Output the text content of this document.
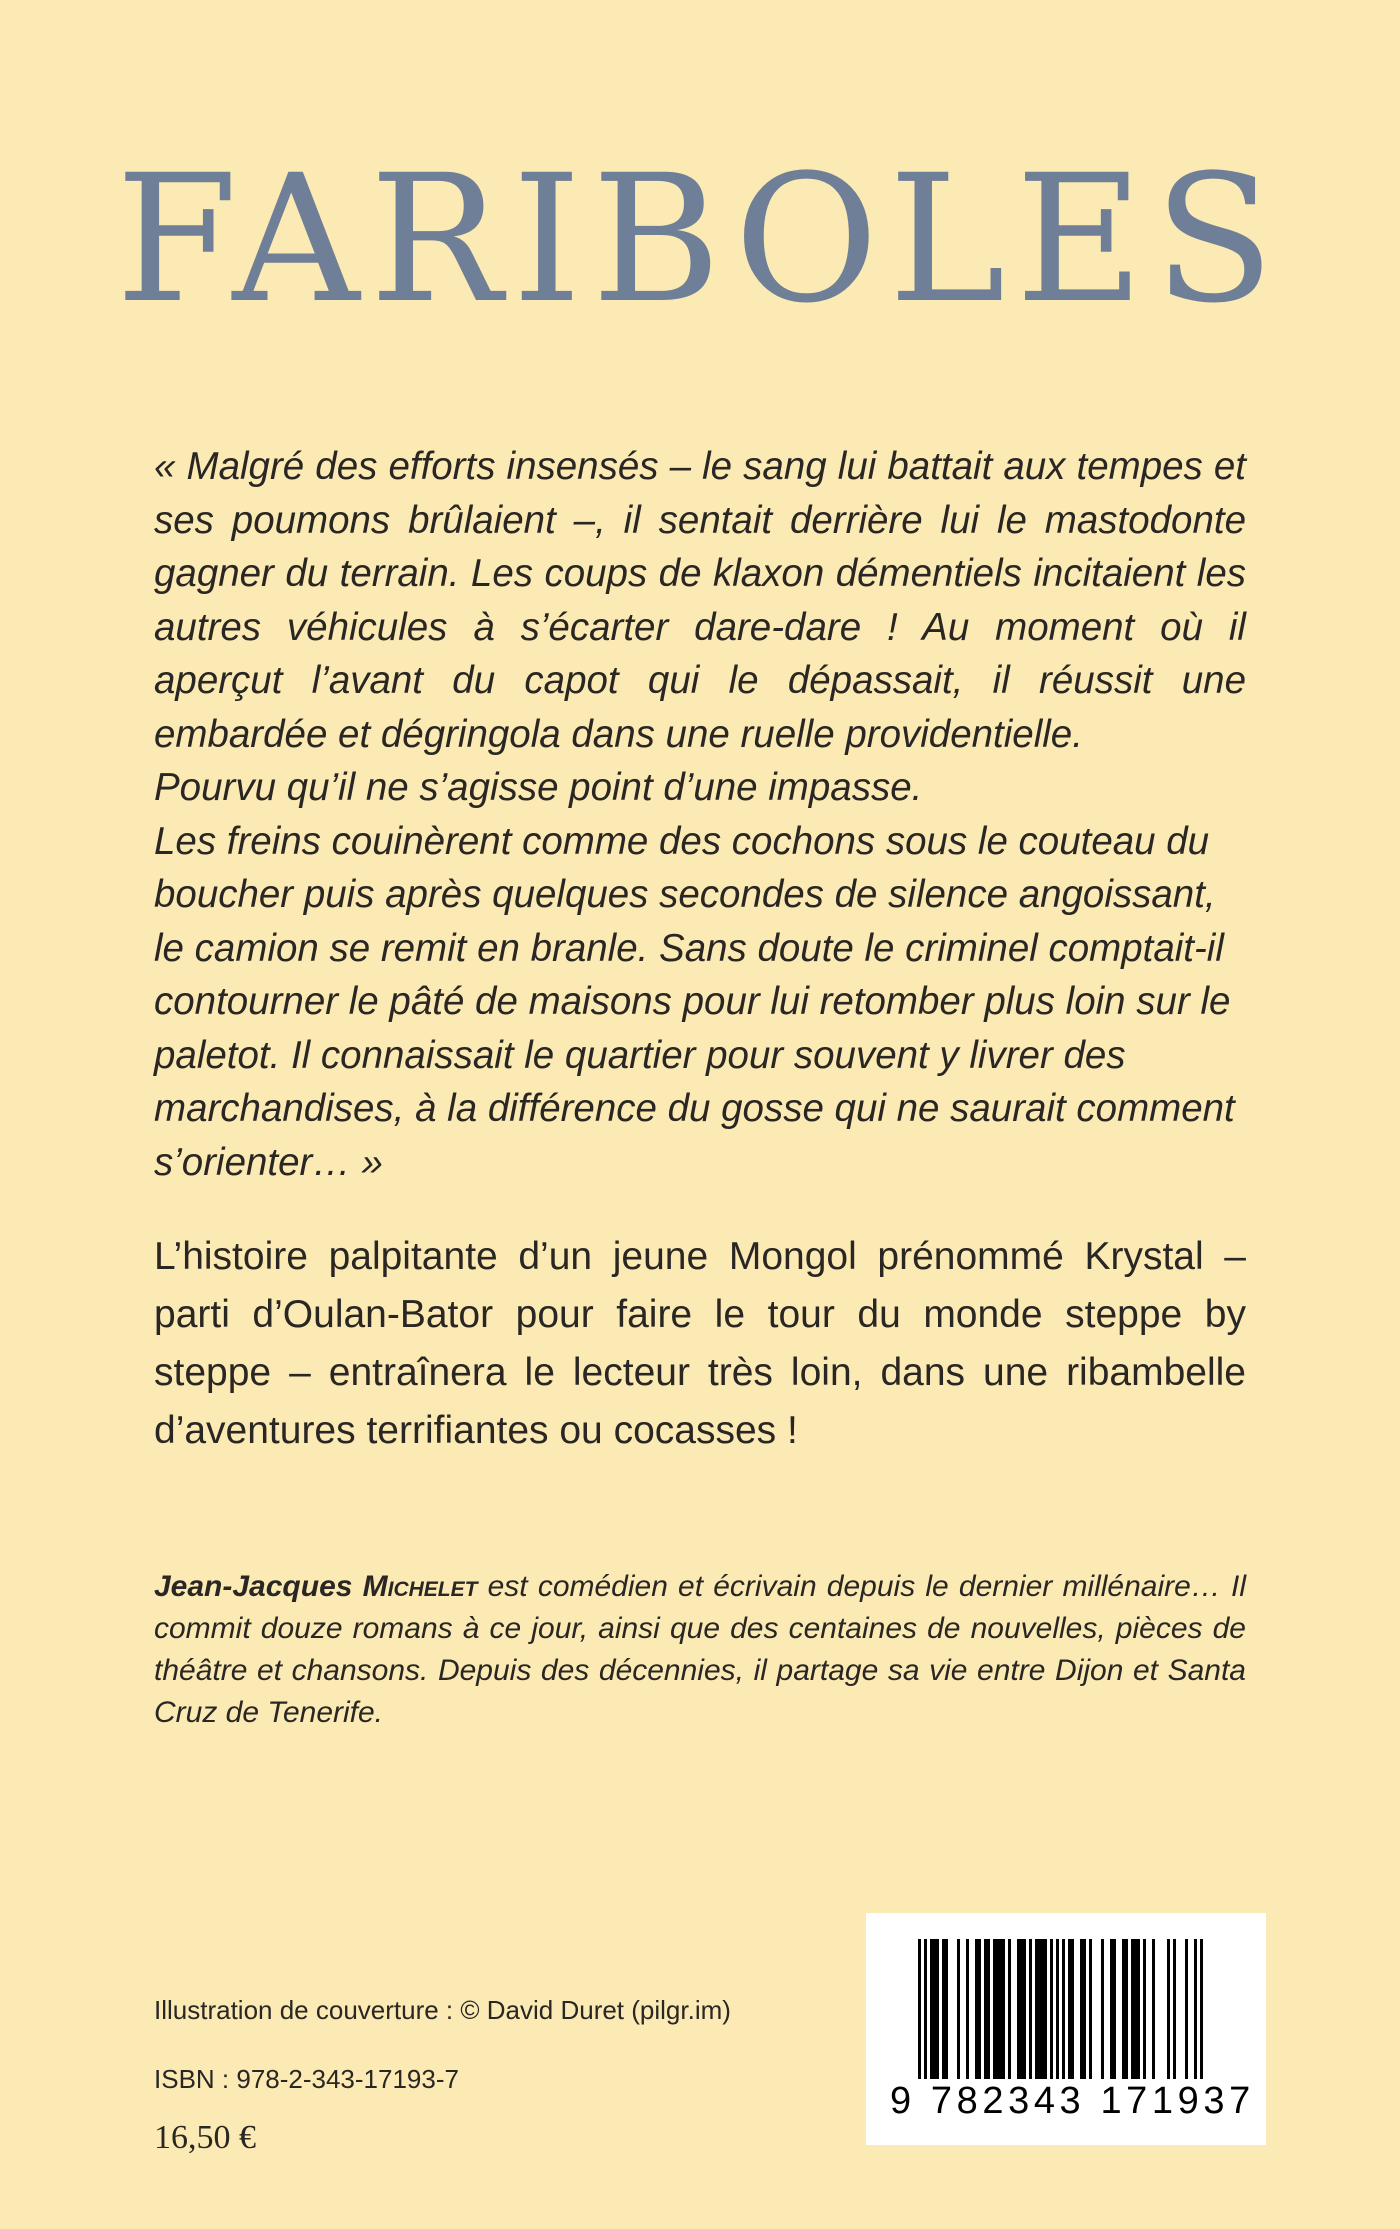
FARIBOLES
« Malgré des efforts insensés – le sang lui battait aux tempes et ses poumons brûlaient –, il sentait derrière lui le mastodonte gagner du terrain. Les coups de klaxon démentiels incitaient les autres véhicules à s’écarter dare-dare ! Au moment où il aperçut l’avant du capot qui le dépassait, il réussit une embardée et dégringola dans une ruelle providentielle.
Pourvu qu’il ne s’agisse point d’une impasse.
Les freins couinèrent comme des cochons sous le couteau du boucher puis après quelques secondes de silence angoissant, le camion se remit en branle. Sans doute le criminel comptait-il contourner le pâté de maisons pour lui retomber plus loin sur le paletot. Il connaissait le quartier pour souvent y livrer des marchandises, à la différence du gosse qui ne saurait comment s’orienter… »

L’histoire palpitante d’un jeune Mongol prénommé Krystal – parti d’Oulan-Bator pour faire le tour du monde steppe by steppe – entraînera le lecteur très loin, dans une ribambelle d’aventures terrifiantes ou cocasses !

Jean-Jacques Michelet est comédien et écrivain depuis le dernier millénaire… Il commit douze romans à ce jour, ainsi que des centaines de nouvelles, pièces de théâtre et chansons. Depuis des décennies, il partage sa vie entre Dijon et Santa Cruz de Tenerife.

Illustration de couverture : © David Duret (pilgr.im)
ISBN : 978-2-343-17193-7
16,50 €
9 782343 171937
